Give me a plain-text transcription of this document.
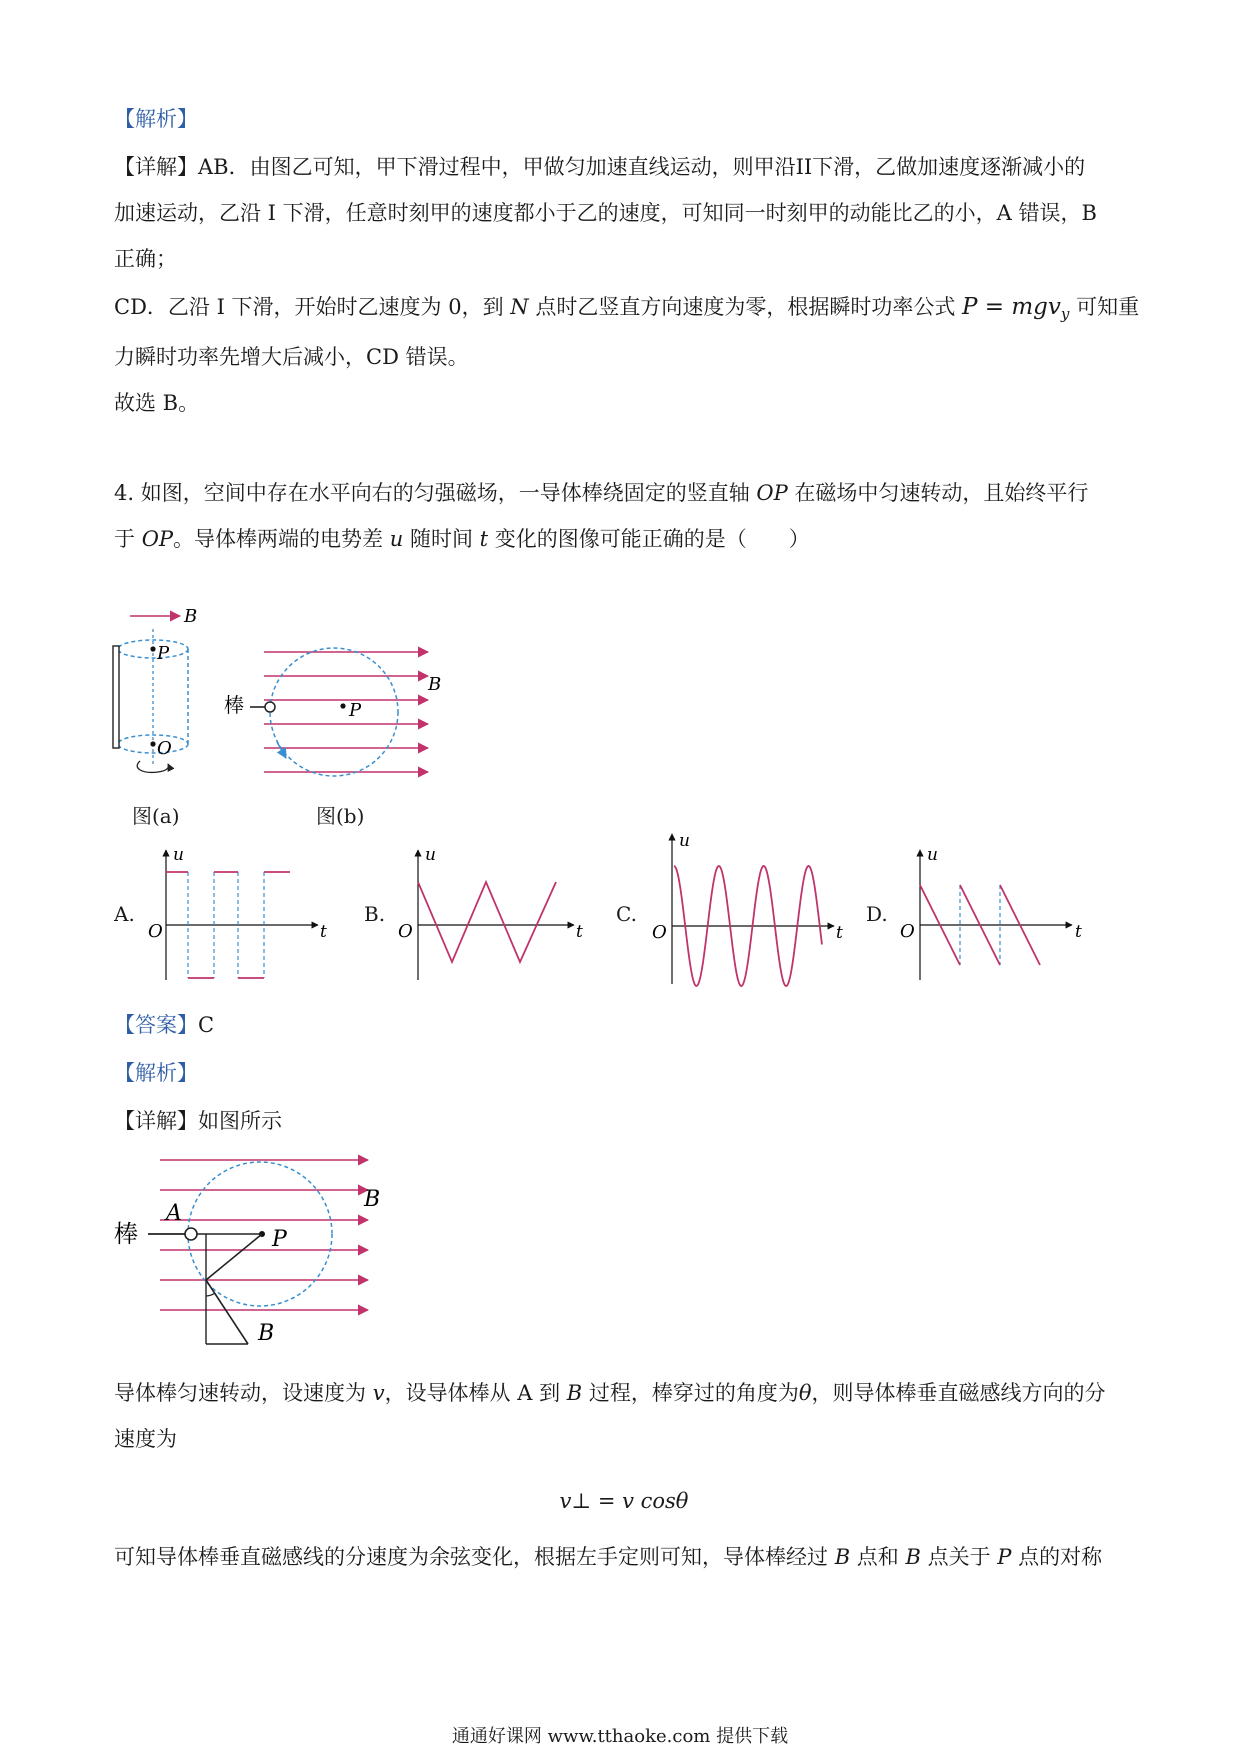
【解析】
【详解】AB．由图乙可知，甲下滑过程中，甲做匀加速直线运动，则甲沿II下滑，乙做加速度逐渐减小的
加速运动，乙沿 I 下滑，任意时刻甲的速度都小于乙的速度，可知同一时刻甲的动能比乙的小，A 错误，B
正确；
CD．乙沿 I 下滑，开始时乙速度为 0，到 N 点时乙竖直方向速度为零，根据瞬时功率公式 P = mgv$_y$ 可知重
力瞬时功率先增大后减小，CD 错误。
故选 B。
4. 如图，空间中存在水平向右的匀强磁场，一导体棒绕固定的竖直轴 OP 在磁场中匀速转动，且始终平行
于 OP。导体棒两端的电势差 u 随时间 t 变化的图像可能正确的是（　　）
B
P
O
图(a)
B
棒	P
图(b)
A.
u
t
O
B.
u
t
O
C.
u
t
O
D.
u
t
O
【答案】C
【解析】
【详解】如图所示
B
棒
A
P
B
导体棒匀速转动，设速度为 v，设导体棒从 A 到 B 过程，棒穿过的角度为θ，则导体棒垂直磁感线方向的分
速度为
v⊥ = v cosθ
可知导体棒垂直磁感线的分速度为余弦变化，根据左手定则可知，导体棒经过 B 点和 B 点关于 P 点的对称
通通好课网 www.tthaoke.com 提供下载
